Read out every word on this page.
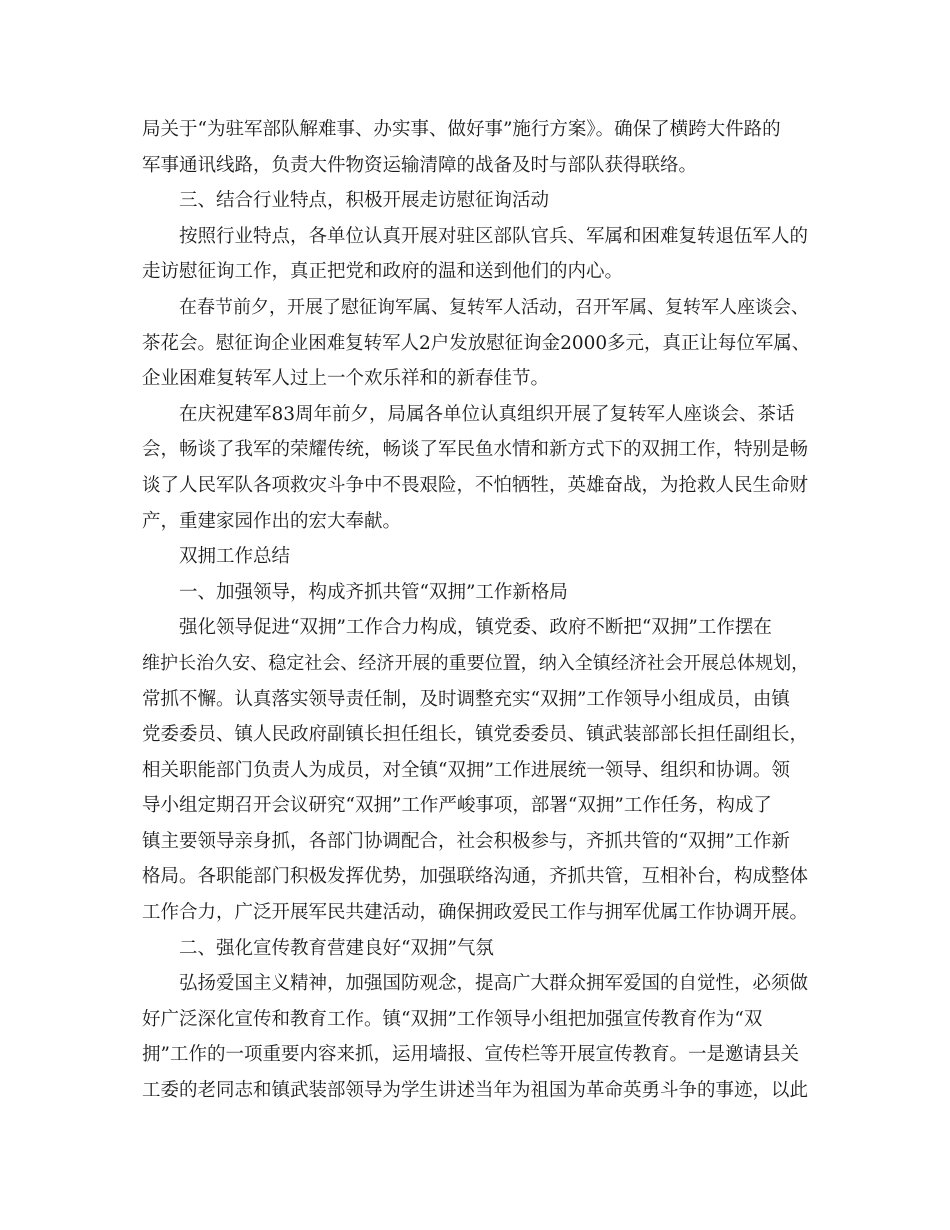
局关于“为驻军部队解难事、办实事、做好事”施行方案》。确保了横跨大件路的
军事通讯线路，负责大件物资运输清障的战备及时与部队获得联络。
三、结合行业特点，积极开展走访慰征询活动
按照行业特点，各单位认真开展对驻区部队官兵、军属和困难复转退伍军人的
走访慰征询工作，真正把党和政府的温和送到他们的内心。
在春节前夕，开展了慰征询军属、复转军人活动，召开军属、复转军人座谈会、
茶花会。慰征询企业困难复转军人2户发放慰征询金2000多元，真正让每位军属、
企业困难复转军人过上一个欢乐祥和的新春佳节。
在庆祝建军83周年前夕，局属各单位认真组织开展了复转军人座谈会、茶话
会，畅谈了我军的荣耀传统，畅谈了军民鱼水情和新方式下的双拥工作，特别是畅
谈了人民军队各项救灾斗争中不畏艰险，不怕牺牲，英雄奋战，为抢救人民生命财
产，重建家园作出的宏大奉献。
双拥工作总结
一、加强领导，构成齐抓共管“双拥”工作新格局
强化领导促进“双拥”工作合力构成，镇党委、政府不断把“双拥”工作摆在
维护长治久安、稳定社会、经济开展的重要位置，纳入全镇经济社会开展总体规划，
常抓不懈。认真落实领导责任制，及时调整充实“双拥”工作领导小组成员，由镇
党委委员、镇人民政府副镇长担任组长，镇党委委员、镇武装部部长担任副组长，
相关职能部门负责人为成员，对全镇“双拥”工作进展统一领导、组织和协调。领
导小组定期召开会议研究“双拥”工作严峻事项，部署“双拥”工作任务，构成了
镇主要领导亲身抓，各部门协调配合，社会积极参与，齐抓共管的“双拥”工作新
格局。各职能部门积极发挥优势，加强联络沟通，齐抓共管，互相补台，构成整体
工作合力，广泛开展军民共建活动，确保拥政爱民工作与拥军优属工作协调开展。
二、强化宣传教育营建良好“双拥”气氛
弘扬爱国主义精神，加强国防观念，提高广大群众拥军爱国的自觉性，必须做
好广泛深化宣传和教育工作。镇“双拥”工作领导小组把加强宣传教育作为“双
拥”工作的一项重要内容来抓，运用墙报、宣传栏等开展宣传教育。一是邀请县关
工委的老同志和镇武装部领导为学生讲述当年为祖国为革命英勇斗争的事迹，以此
